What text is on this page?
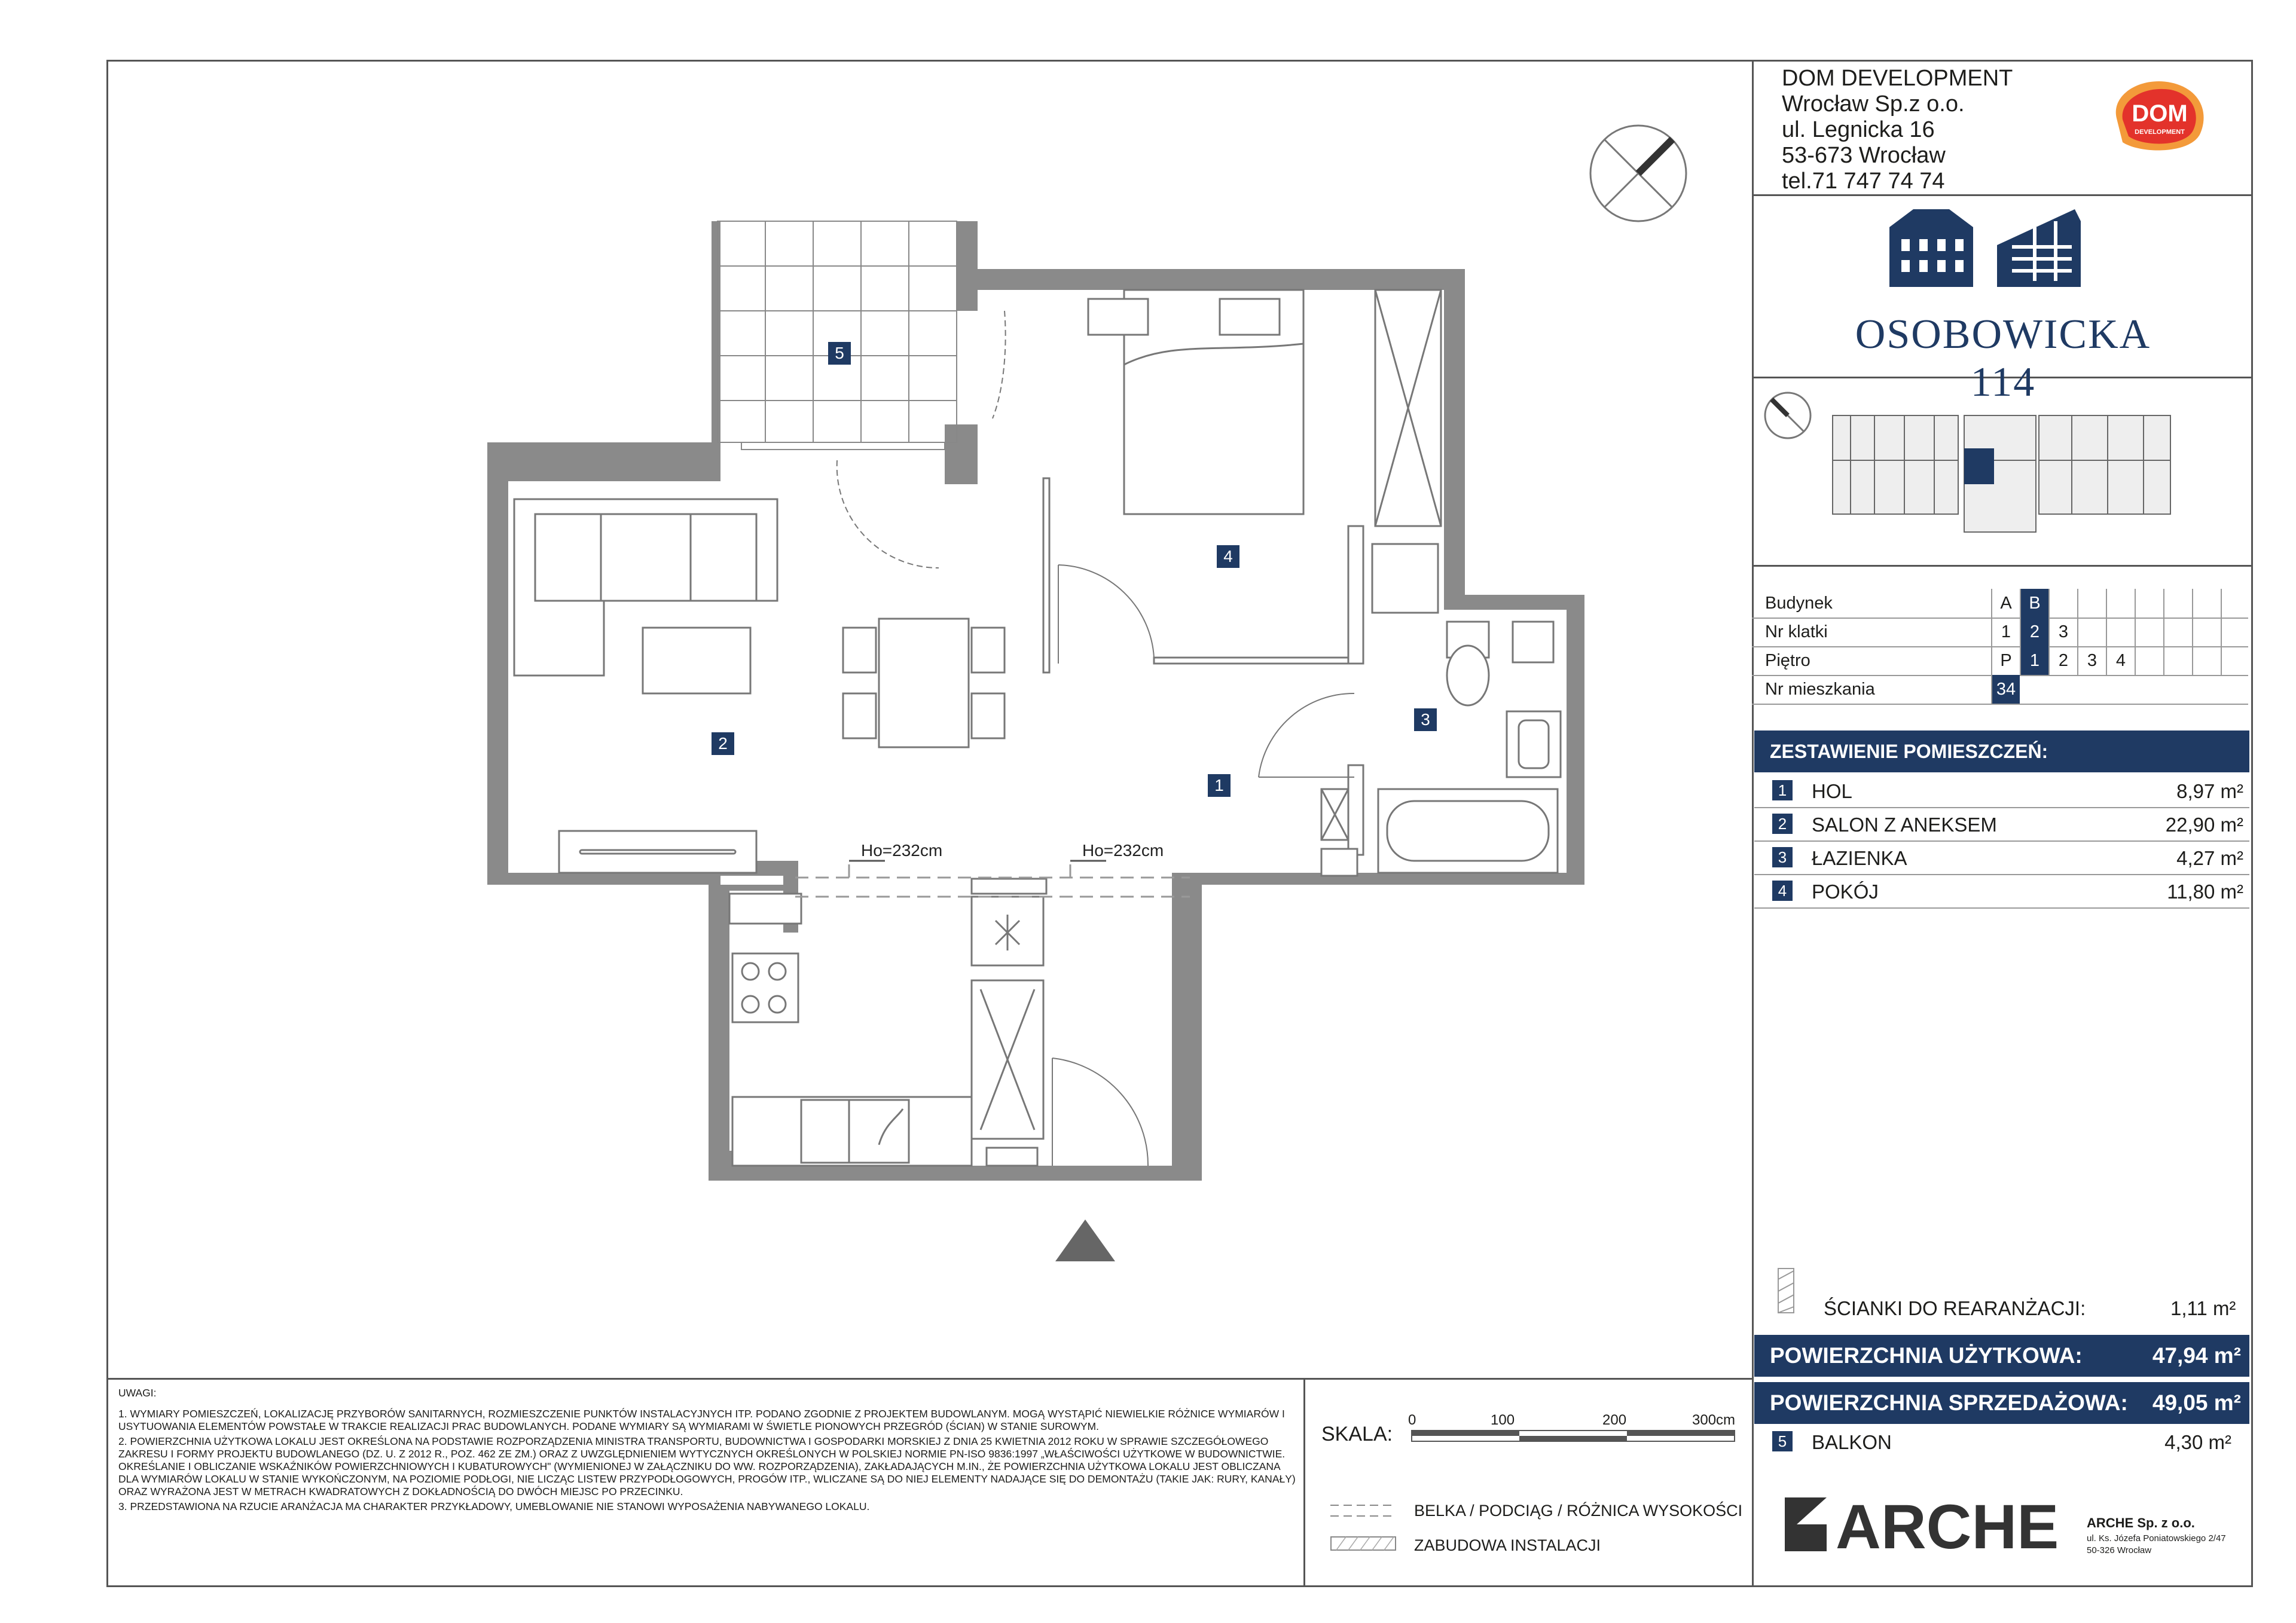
DOM DEVELOPMENT
Wrocław Sp.z o.o.
ul. Legnicka 16
53-673 Wrocław
tel.71 747 74 74
DOM
DEVELOPMENT
OSOBOWICKA 114
Budynek	A B
Nr klatki	1	2	3
Piętro	P	1	2	3	4
Nr mieszkania	34
ZESTAWIENIE POMIESZCZEŃ:
1 HOL	8,97 m²
2 SALON Z ANEKSEM	22,90 m²
3 ŁAZIENKA	4,27 m²
4 POKÓJ	11,80 m²
ŚCIANKI DO REARANŻACJI:	1,11 m²
POWIERZCHNIA UŻYTKOWA:	47,94 m²
POWIERZCHNIA SPRZEDAŻOWA: 49,05 m²
5 BALKON	4,30 m²
ARCHE ARCHE Sp. z o.o.
ul. Ks. Józefa Poniatowskiego 2/47
50-326 Wrocław

UWAGI:

1. WYMIARY POMIESZCZEŃ, LOKALIZACJĘ PRZYBORÓW SANITARNYCH, ROZMIESZCZENIE PUNKTÓW INSTALACYJNYCH ITP. PODANO ZGODNIE Z PROJEKTEM BUDOWLANYM. MOGĄ WYSTĄPIĆ NIEWIELKIE RÓŻNICE WYMIARÓW I USYTUOWANIA ELEMENTÓW POWSTAŁE W TRAKCIE REALIZACJI PRAC BUDOWLANYCH. PODANE WYMIARY SĄ WYMIARAMI W ŚWIETLE PIONOWYCH PRZEGRÓD (ŚCIAN) W STANIE SUROWYM.

2. POWIERZCHNIA UŻYTKOWA LOKALU JEST OKREŚLONA NA PODSTAWIE ROZPORZĄDZENIA MINISTRA TRANSPORTU, BUDOWNICTWA I GOSPODARKI MORSKIEJ Z DNIA 25 KWIETNIA 2012 ROKU W SPRAWIE SZCZEGÓŁOWEGO ZAKRESU I FORMY PROJEKTU BUDOWLANEGO (DZ. U. Z 2012 R., POZ. 462 ZE ZM.) ORAZ Z UWZGLĘDNIENIEM WYTYCZNYCH OKREŚLONYCH W POLSKIEJ NORMIE PN-ISO 9836:1997 „WŁAŚCIWOŚCI UŻYTKOWE W BUDOWNICTWIE. OKREŚLANIE I OBLICZANIE WSKAŹNIKÓW POWIERZCHNIOWYCH I KUBATUROWYCH" (WYMIENIONEJ W ZAŁĄCZNIKU DO WW. ROZPORZĄDZENIA), ZAKŁADAJĄCYCH M.IN., ŻE POWIERZCHNIA UŻYTKOWA LOKALU JEST OBLICZANA DLA WYMIARÓW LOKALU W STANIE WYKOŃCZONYM, NA POZIOMIE PODŁOGI, NIE LICZĄC LISTEW PRZYPODŁOGOWYCH, PROGÓW ITP., WLICZANE SĄ DO NIEJ ELEMENTY NADAJĄCE SIĘ DO DEMONTAŻU (TAKIE JAK: RURY, KANAŁY) ORAZ WYRAŻONA JEST W METRACH KWADRATOWYCH Z DOKŁADNOŚCIĄ DO DWÓCH MIEJSC PO PRZECINKU.

3. PRZEDSTAWIONA NA RZUCIE ARANŻACJA MA CHARAKTER PRZYKŁADOWY, UMEBLOWANIE NIE STANOWI WYPOSAŻENIA NABYWANEGO LOKALU.

SKALA:
0	100	200	300cm
BELKA / PODCIĄG / RÓŻNICA WYSOKOŚCI
ZABUDOWA INSTALACJI
Ho=232cm	Ho=232cm
1
2
3
4
5
